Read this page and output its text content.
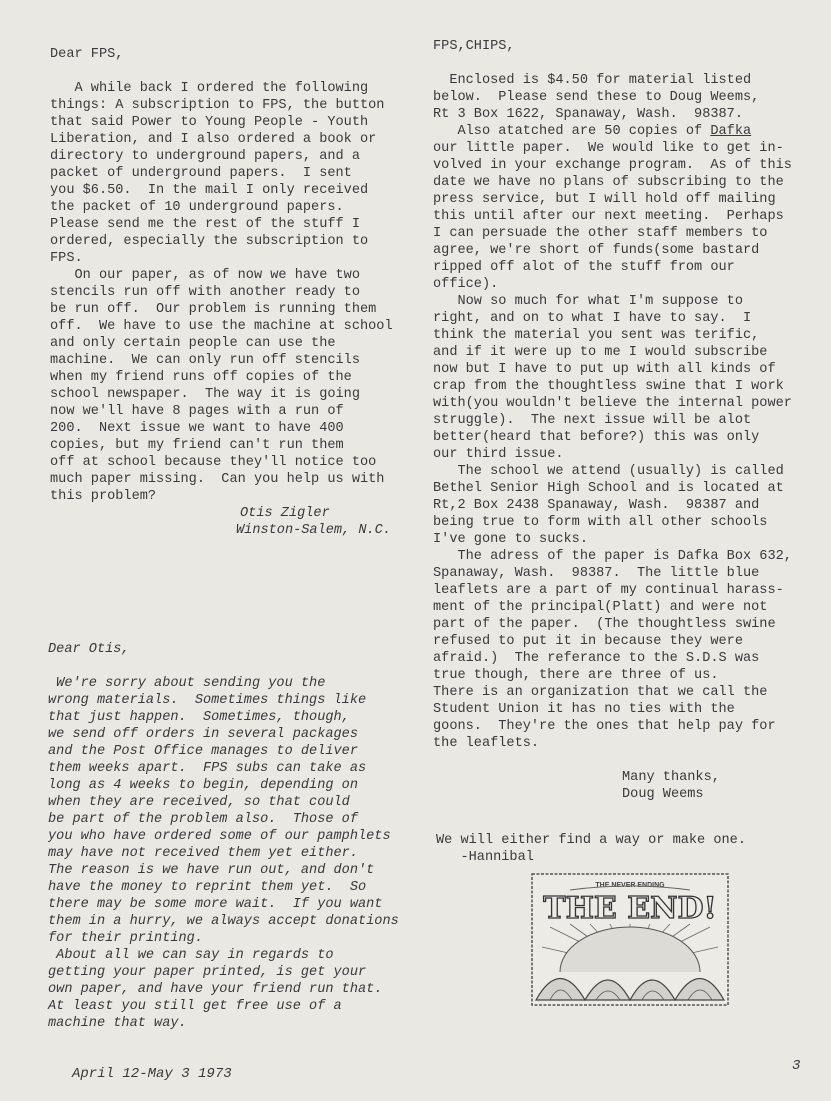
Dear FPS,
A while back I ordered the following
things: A subscription to FPS, the button
that said Power to Young People - Youth
Liberation, and I also ordered a book or
directory to underground papers, and a
packet of underground papers.  I sent
you $6.50.  In the mail I only received
the packet of 10 underground papers.
Please send me the rest of the stuff I
ordered, especially the subscription to
FPS.
On our paper, as of now we have two
stencils run off with another ready to
be run off.  Our problem is running them
off.  We have to use the machine at school
and only certain people can use the
machine.  We can only run off stencils
when my friend runs off copies of the
school newspaper.  The way it is going
now we'll have 8 pages with a run of
200.  Next issue we want to have 400
copies, but my friend can't run them
off at school because they'll notice too
much paper missing.  Can you help us with
this problem?
Otis Zigler
Winston-Salem, N.C.
Dear Otis,
We're sorry about sending you the
wrong materials.  Sometimes things like
that just happen.  Sometimes, though,
we send off orders in several packages
and the Post Office manages to deliver
them weeks apart.  FPS subs can take as
long as 4 weeks to begin, depending on
when they are received, so that could
be part of the problem also.  Those of
you who have ordered some of our pamphlets
may have not received them yet either.
The reason is we have run out, and don't
have the money to reprint them yet.  So
there may be some more wait.  If you want
them in a hurry, we always accept donations
for their printing.
About all we can say in regards to
getting your paper printed, is get your
own paper, and have your friend run that.
At least you still get free use of a
machine that way.
FPS,CHIPS,
Enclosed is $4.50 for material listed
below.  Please send these to Doug Weems,
Rt 3 Box 1622, Spanaway, Wash.  98387.
Also atatched are 50 copies of Dafka
our little paper.  We would like to get in-
volved in your exchange program.  As of this
date we have no plans of subscribing to the
press service, but I will hold off mailing
this until after our next meeting.  Perhaps
I can persuade the other staff members to
agree, we're short of funds(some bastard
ripped off alot of the stuff from our
office).
Now so much for what I'm suppose to
right, and on to what I have to say.  I
think the material you sent was terific,
and if it were up to me I would subscribe
now but I have to put up with all kinds of
crap from the thoughtless swine that I work
with(you wouldn't believe the internal power
struggle).  The next issue will be alot
better(heard that before?) this was only
our third issue.
The school we attend (usually) is called
Bethel Senior High School and is located at
Rt,2 Box 2438 Spanaway, Wash.  98387 and
being true to form with all other schools
I've gone to sucks.
The adress of the paper is Dafka Box 632,
Spanaway, Wash.  98387.  The little blue
leaflets are a part of my continual harass-
ment of the principal(Platt) and were not
part of the paper.  (The thoughtless swine
refused to put it in because they were
afraid.)  The referance to the S.D.S was
true though, there are three of us.
There is an organization that we call the
Student Union it has no ties with the
goons.  They're the ones that help pay for
the leaflets.
Many thanks,
Doug Weems
We will either find a way or make one.
-Hannibal
THE NEVER ENDING
THE END!
April 12-May 3 1973	3
